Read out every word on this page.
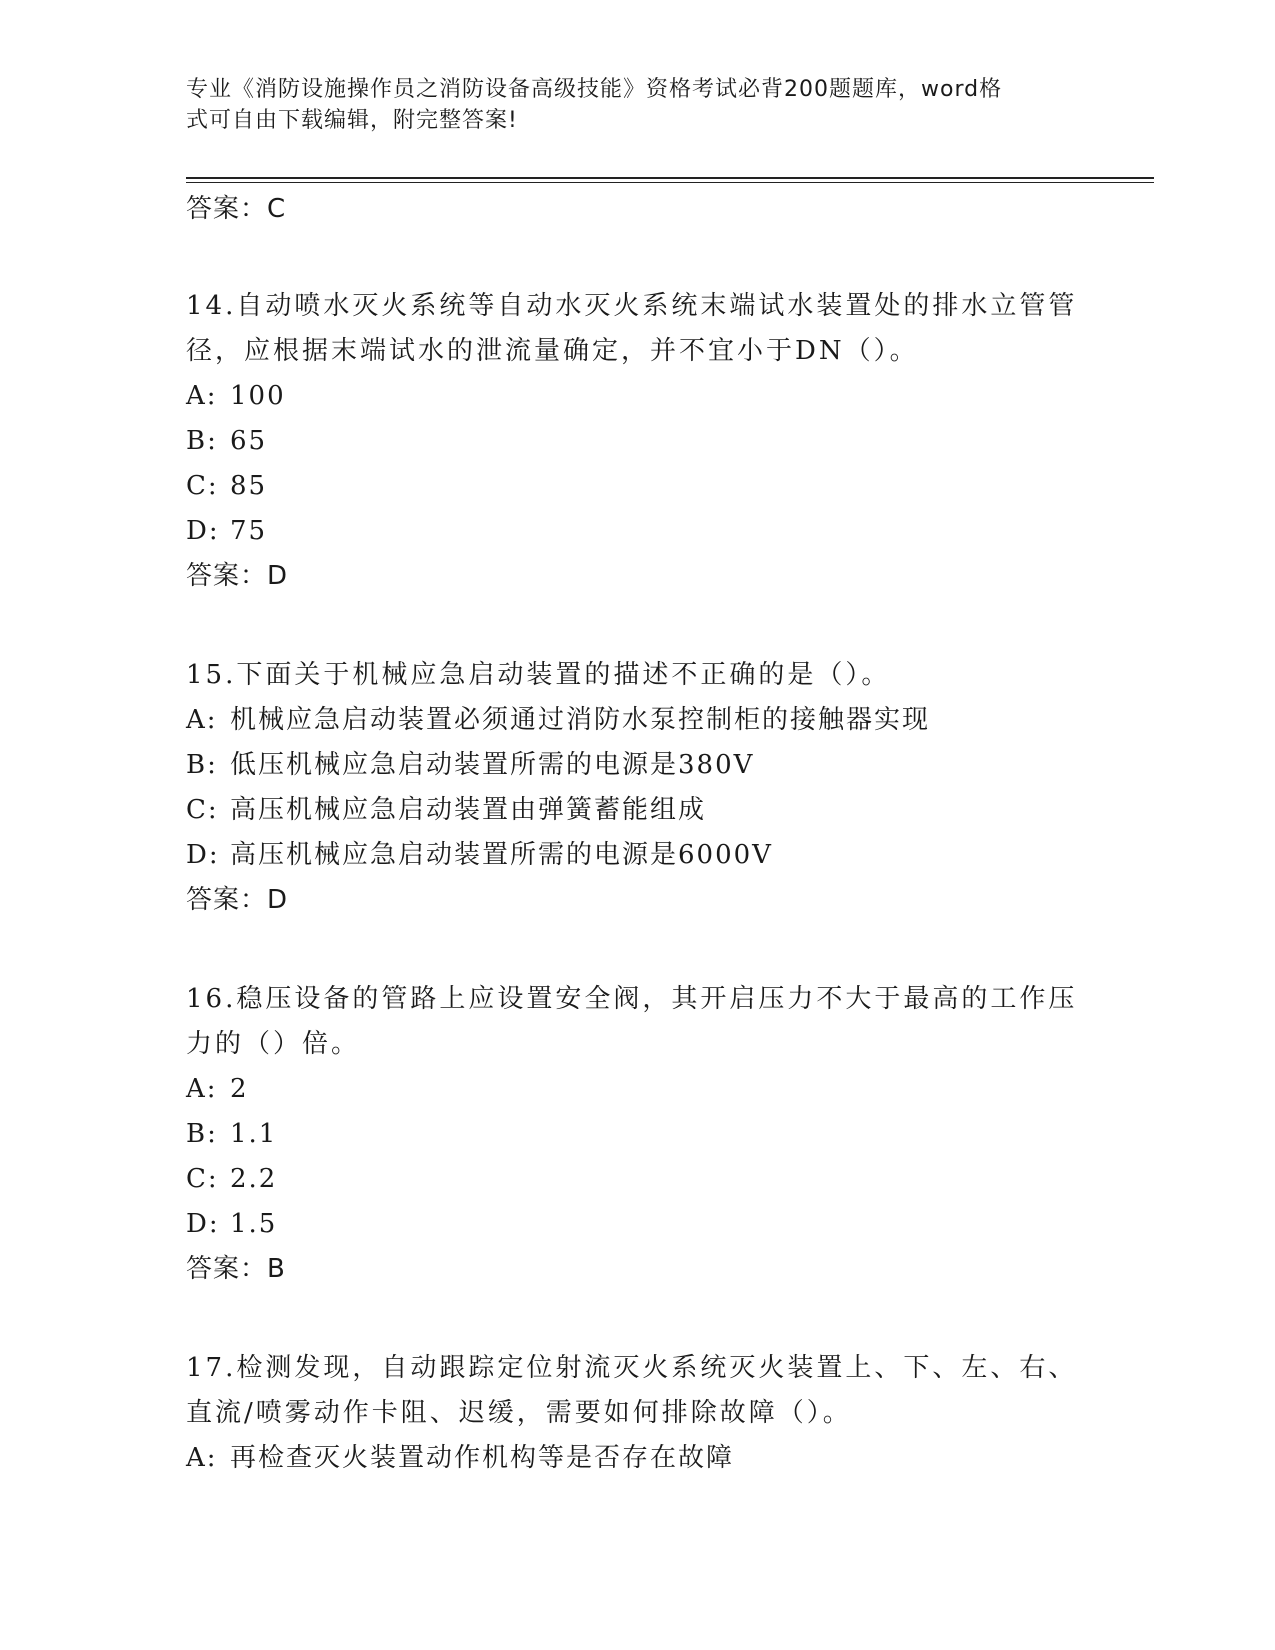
专业《消防设施操作员之消防设备高级技能》资格考试必背200题题库，word格
式可自由下载编辑，附完整答案!
答案：C
14.自动喷水灭火系统等自动水灭火系统末端试水装置处的排水立管管径，应根据末端试水的泄流量确定，并不宜小于DN（）。
A: 100
B: 65
C: 85
D: 75
答案：D
15.下面关于机械应急启动装置的描述不正确的是（）。
A: 机械应急启动装置必须通过消防水泵控制柜的接触器实现
B: 低压机械应急启动装置所需的电源是380V
C: 高压机械应急启动装置由弹簧蓄能组成
D: 高压机械应急启动装置所需的电源是6000V
答案：D
16.稳压设备的管路上应设置安全阀，其开启压力不大于最高的工作压力的（）倍。
A: 2
B: 1.1
C: 2.2
D: 1.5
答案：B
17.检测发现，自动跟踪定位射流灭火系统灭火装置上、下、左、右、直流/喷雾动作卡阻、迟缓，需要如何排除故障（）。
A: 再检查灭火装置动作机构等是否存在故障
